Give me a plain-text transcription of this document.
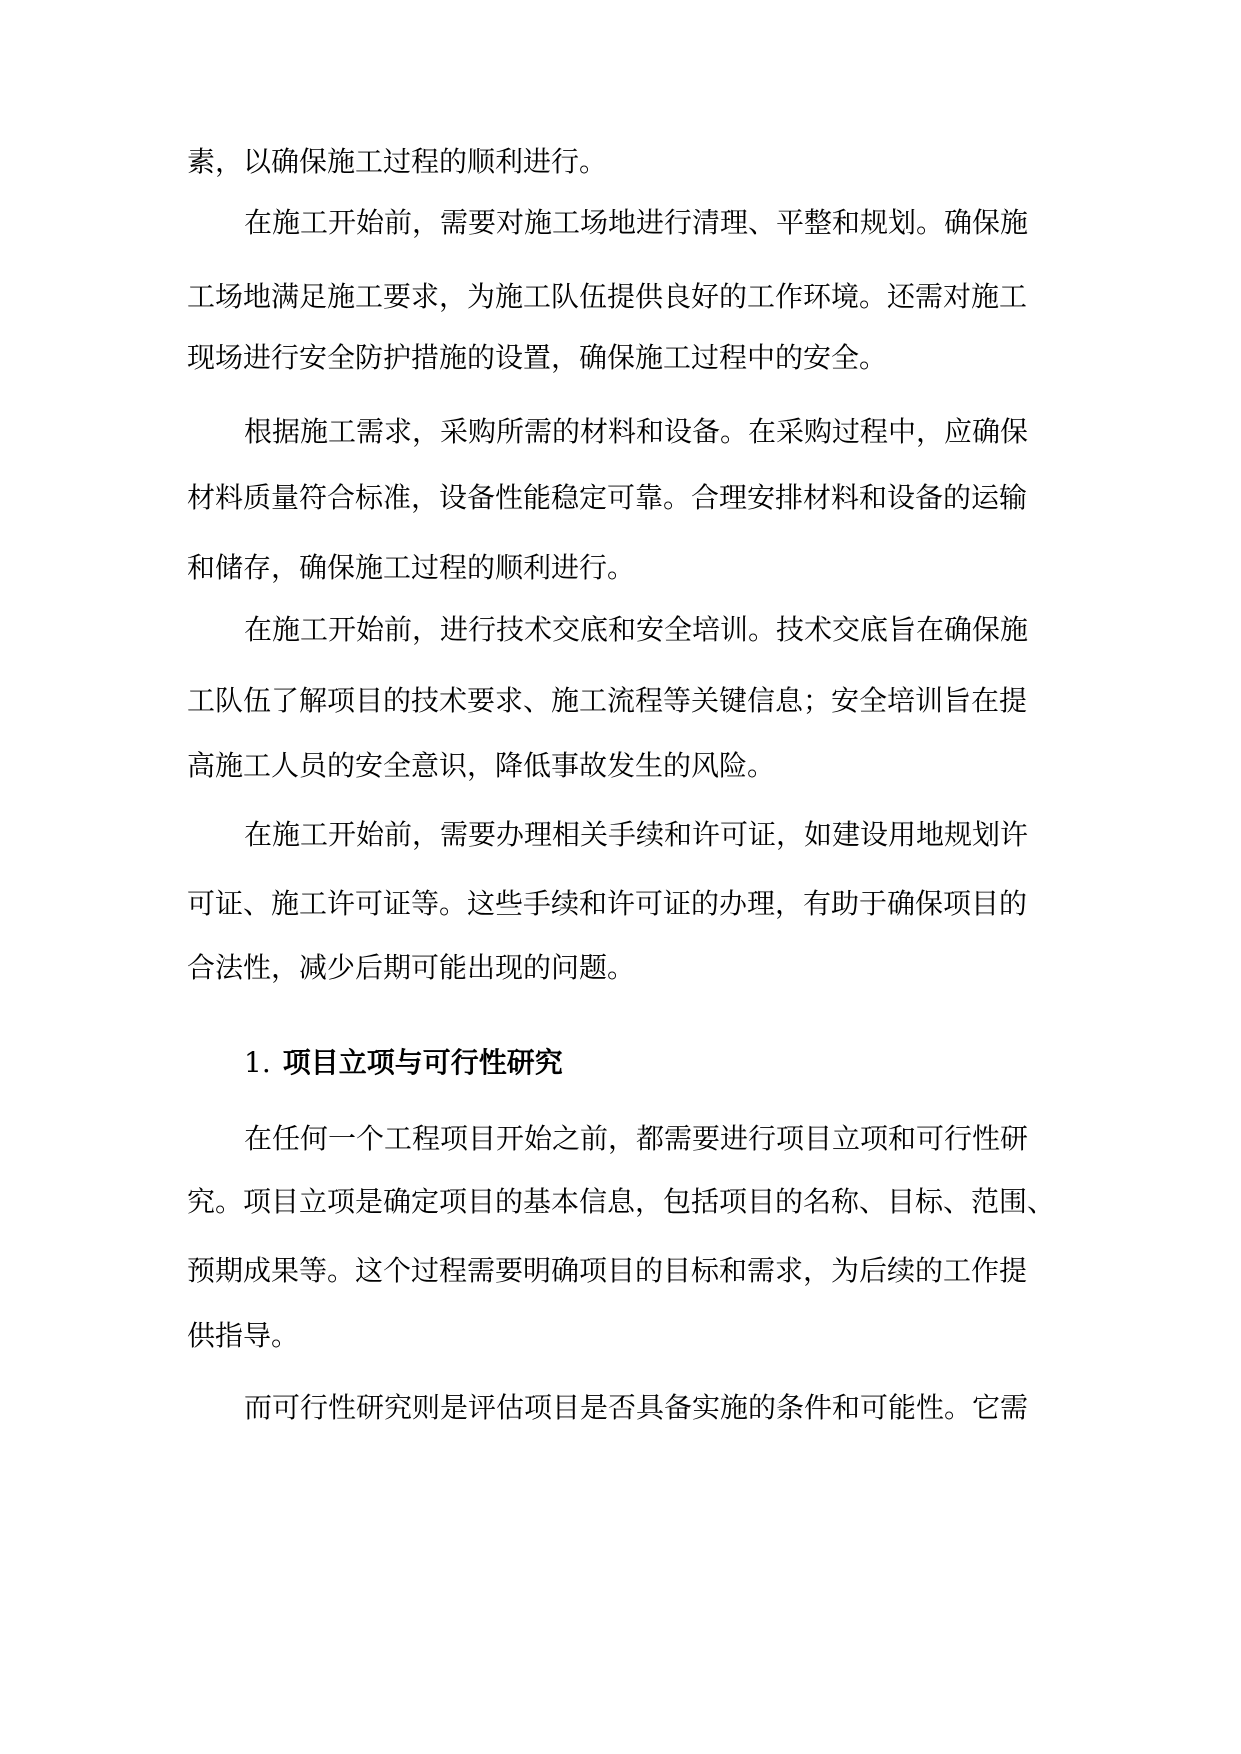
素，以确保施工过程的顺利进行。
在施工开始前，需要对施工场地进行清理、平整和规划。确保施
工场地满足施工要求，为施工队伍提供良好的工作环境。还需对施工
现场进行安全防护措施的设置，确保施工过程中的安全。
根据施工需求，采购所需的材料和设备。在采购过程中，应确保
材料质量符合标准，设备性能稳定可靠。合理安排材料和设备的运输
和储存，确保施工过程的顺利进行。
在施工开始前，进行技术交底和安全培训。技术交底旨在确保施
工队伍了解项目的技术要求、施工流程等关键信息；安全培训旨在提
高施工人员的安全意识，降低事故发生的风险。
在施工开始前，需要办理相关手续和许可证，如建设用地规划许
可证、施工许可证等。这些手续和许可证的办理，有助于确保项目的
合法性，减少后期可能出现的问题。
1. 项目立项与可行性研究
在任何一个工程项目开始之前，都需要进行项目立项和可行性研
究。项目立项是确定项目的基本信息，包括项目的名称、目标、范围、
预期成果等。这个过程需要明确项目的目标和需求，为后续的工作提
供指导。
而可行性研究则是评估项目是否具备实施的条件和可能性。它需
